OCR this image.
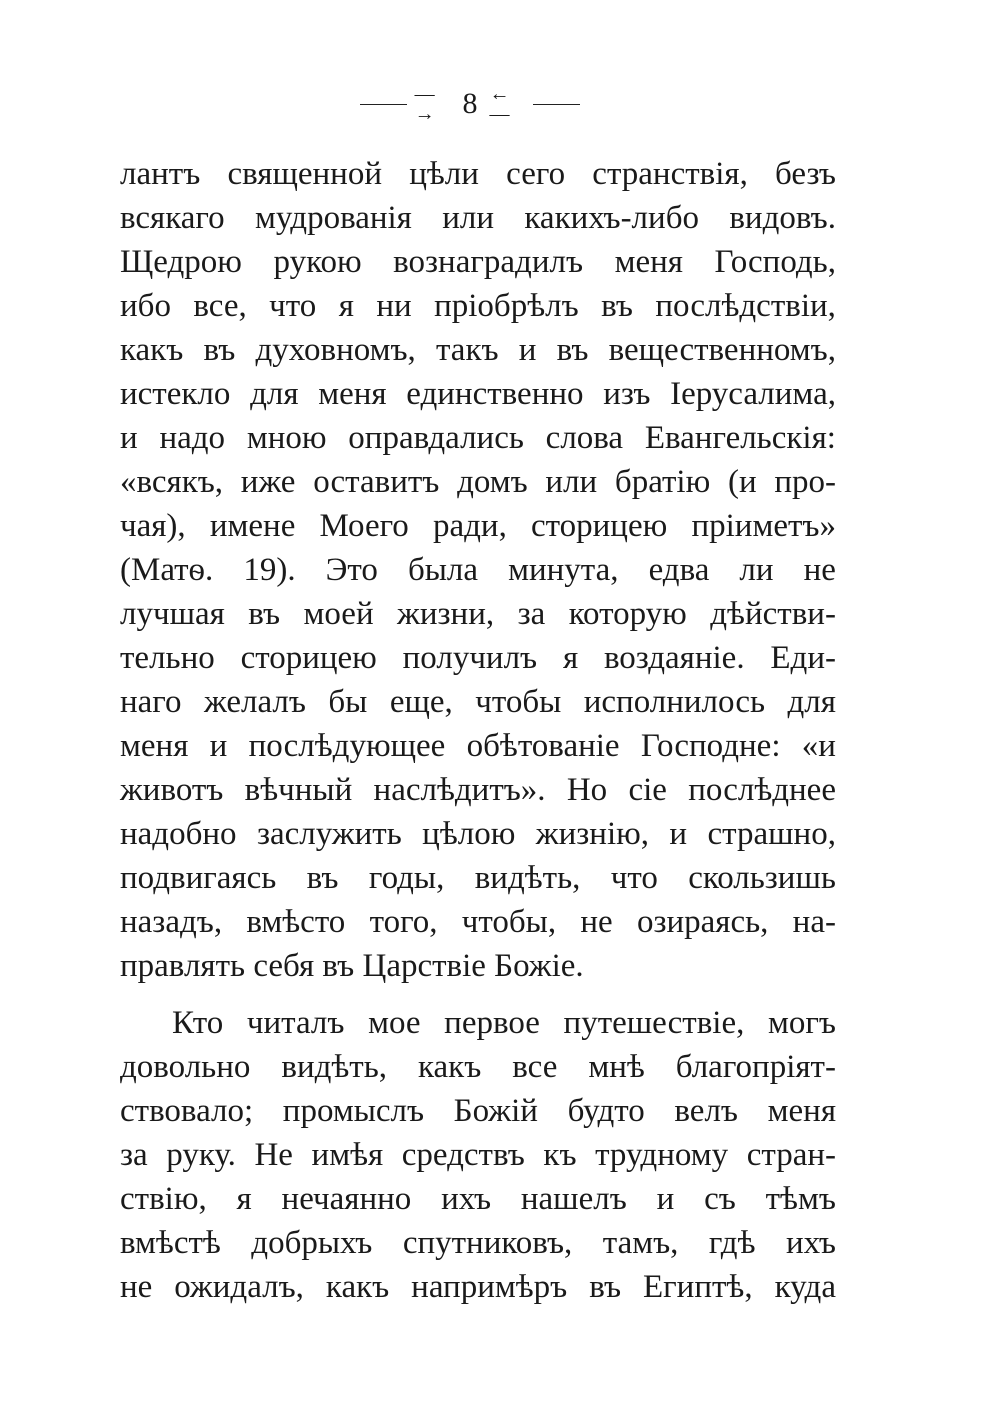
—→ 8 ←—
лантъ священной цѣли сего странствія, безъ
всякаго мудрованія или какихъ-либо видовъ.
Щедрою рукою вознаградилъ меня Господь,
ибо все, что я ни пріобрѣлъ въ послѣдствіи,
какъ въ духовномъ, такъ и въ вещественномъ,
истекло для меня единственно изъ Іерусалима,
и надо мною оправдались слова Евангельскія:
«всякъ, иже оставитъ домъ или братію (и про-
чая), имене Моего ради, сторицею пріиметъ»
(Матѳ. 19). Это была минута, едва ли не
лучшая въ моей жизни, за которую дѣйстви-
тельно сторицею получилъ я воздаяніе. Еди-
наго желалъ бы еще, чтобы исполнилось для
меня и послѣдующее обѣтованіе Господне: «и
животъ вѣчный наслѣдитъ». Но сіе послѣднее
надобно заслужить цѣлою жизнію, и страшно,
подвигаясь въ годы, видѣть, что скользишь
назадъ, вмѣсто того, чтобы, не озираясь, на-
правлять себя въ Царствіе Божіе.
Кто читалъ мое первое путешествіе, могъ
довольно видѣть, какъ все мнѣ благопріят-
ствовало; промыслъ Божій будто велъ меня
за руку. Не имѣя средствъ къ трудному стран-
ствію, я нечаянно ихъ нашелъ и съ тѣмъ
вмѣстѣ добрыхъ спутниковъ, тамъ, гдѣ ихъ
не ожидалъ, какъ напримѣръ въ Египтѣ, куда
